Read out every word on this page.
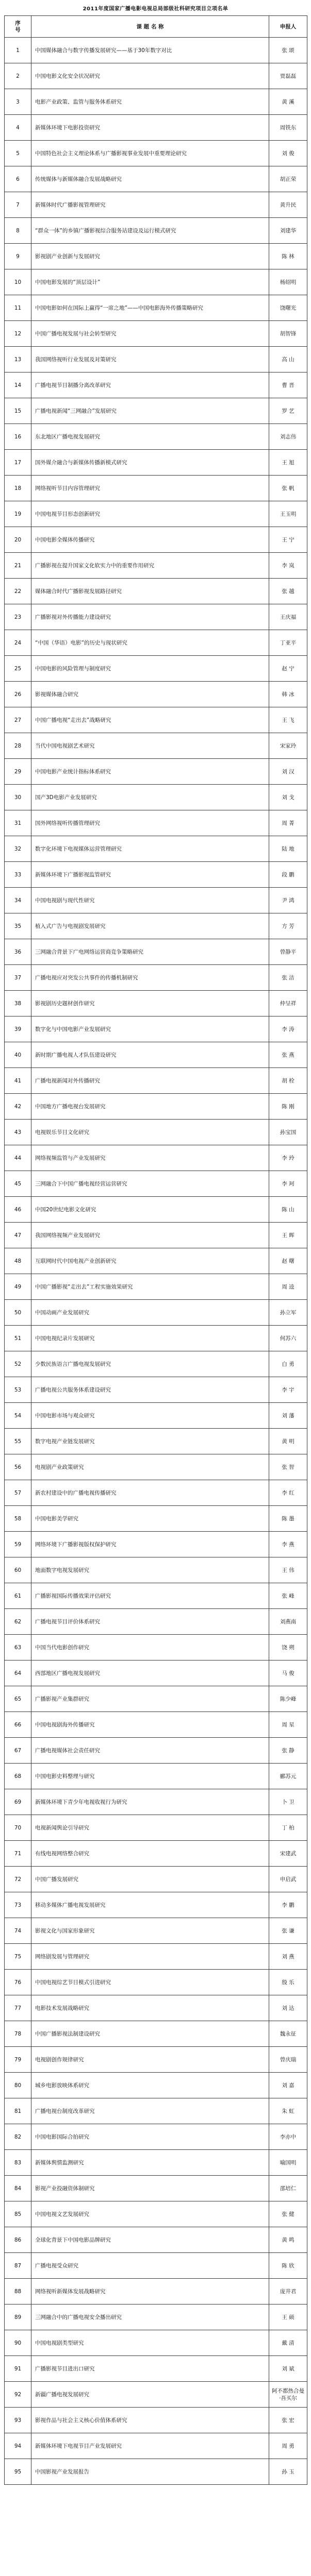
2011年度国家广播电影电视总局部级社科研究项目立项名单
序号	课 题 名 称	申报人
1	中国媒体融合与数字传播发展研究——基于30年数字对比	张 颂
2	中国电影文化安全状况研究	贾磊磊
3	电影产业政策、监管与服务体系研究	黄 溪
4	新媒体环境下电影投资研究	周铁东
5	中国特色社会主义理论体系与广播影视事业发展中重要理论研究	刘 俊
6	传统媒体与新媒体融合发展战略研究	胡正荣
7	新媒体时代广播影视管理研究	黄升民
8	“群众一体”的乡镇广播影视综合服务站建设及运行模式研究	刘建华
9	影视剧产业创新与发展研究	陈 林
10	中国电影发展的“顶层设计”	杨绍明
11	中国电影如何在国际上赢得“一席之地”——中国电影海外传播策略研究	饶曙光
12	中国广播电视发展与社会转型研究	胡智锋
13	我国网络视听行业发展及对策研究	高 山
14	广播电视节目制播分离改革研究	曹 晋
15	广播电视新闻“三网融合”发展研究	罗 艺
16	东北地区广播电视发展研究	刘志伟
17	国外媒介融合与新媒体传播新模式研究	王 旭
18	网络视听节目内容管理研究	张 帆
19	中国电视节目形态创新研究	王玉明
20	中国电影全媒体传播研究	王 宁
21	广播影视在提升国家文化软实力中的重要作用研究	李 岚
22	媒体融合时代广播影视发展路径研究	张 越
23	广播影视对外传播能力建设研究	王庆福
24	“中国（华语）电影”的历史与现状研究	丁亚平
25	中国电影的风险管理与制度研究	赵 宁
26	影视媒体融合研究	韩 冰
27	中国广播电视“走出去”战略研究	王 飞
28	当代中国电视剧艺术研究	宋家玲
29	中国电影产业统计指标体系研究	刘 汉
30	国产3D电影产业发展研究	刘 戈
31	国外网络视听传播管理研究	周 菁
32	数字化环境下电视媒体运营管理研究	陆 地
33	新媒体环境下广播影视监管研究	段 鹏
34	中国电视剧与现代性研究	尹 鸿
35	植入式广告与电视剧发展研究	方 芳
36	三网融合背景下广电网络运营商竞争策略研究	曾静平
37	广播电视应对突发公共事件的传播机制研究	张 洁
38	影视剧历史题材创作研究	仲呈祥
39	数字化与中国电影产业发展研究	李 涛
40	新时期广播电视人才队伍建设研究	张 燕
41	广播电视新闻对外传播研究	胡 栓
42	中国地方广播电视台发展研究	陈 刚
43	电视娱乐节目文化研究	孙宝国
44	网络视频监管与产业发展研究	李 玲
45	三网融合下中国广播电视经营运营研究	李 珂
46	中国20世纪电影文化研究	陈 山
47	我国网络视频产业发展研究	王 晖
48	互联网时代中国电视产业创新研究	赵 曙
49	中国广播影视“走出去”工程实施效果研究	周 逵
50	中国动画产业发展研究	孙立军
51	中国电视纪录片发展研究	何苏六
52	少数民族语言广播电视发展研究	白 勇
53	广播电视公共服务体系建设研究	李 宇
54	中国电影市场与观众研究	刘 藩
55	数字电视产业链发展研究	黄 明
56	电视剧产业政策研究	张 智
57	新农村建设中的广播电视传播研究	李 红
58	中国电影美学研究	陈 墨
59	网络环境下广播影视版权保护研究	李 燕
60	地面数字电视发展研究	王 伟
61	广播影视国际传播效果评估研究	张 峰
62	广播电视节目评价体系研究	刘燕南
63	中国当代电影创作研究	饶 朔
64	西部地区广播电视发展研究	马 俊
65	广播影视产业集群研究	陈少峰
66	中国电视剧海外传播研究	周 星
67	广播电视媒体社会责任研究	张 静
68	中国电影史料整理与研究	郦苏元
69	新媒体环境下青少年电视收视行为研究	卜 卫
70	电视新闻舆论引导研究	丁 柏
71	有线电视网络整合研究	宋建武
72	中国广播发展研究	申启武
73	移动多媒体广播电视发展研究	李 鹏
74	影视文化与国家形象研究	张 谦
75	网络剧发展与管理研究	刘 燕
76	中国电视综艺节目模式引进研究	殷 乐
77	电影技术发展战略研究	刘 达
78	中国广播影视法制建设研究	魏永征
79	电视剧创作规律研究	曾庆瑞
80	城乡电影放映体系研究	刘 嘉
81	广播电视台制度改革研究	朱 虹
82	中国电影国际合拍研究	李亦中
83	新媒体舆情监测研究	喻国明
84	影视产业投融资体制研究	邵培仁
85	中国电视文艺发展研究	张 健
86	全球化背景下中国电影品牌研究	黄 鸣
87	广播电视受众研究	陈 欣
88	网络视听新媒体发展战略研究	庞井君
89	三网融合中的广播电视安全播出研究	王 硕
90	中国电视剧类型研究	戴 清
91	广播影视节目进出口研究	刘 斌
92	新疆广播电视发展研究	阿不都热合曼·吾买尔
93	影视作品与社会主义核心价值体系研究	张 宏
94	新媒体环境下电视节目产业发展研究	周 勇
95	中国影视产业发展报告	孙 玉
